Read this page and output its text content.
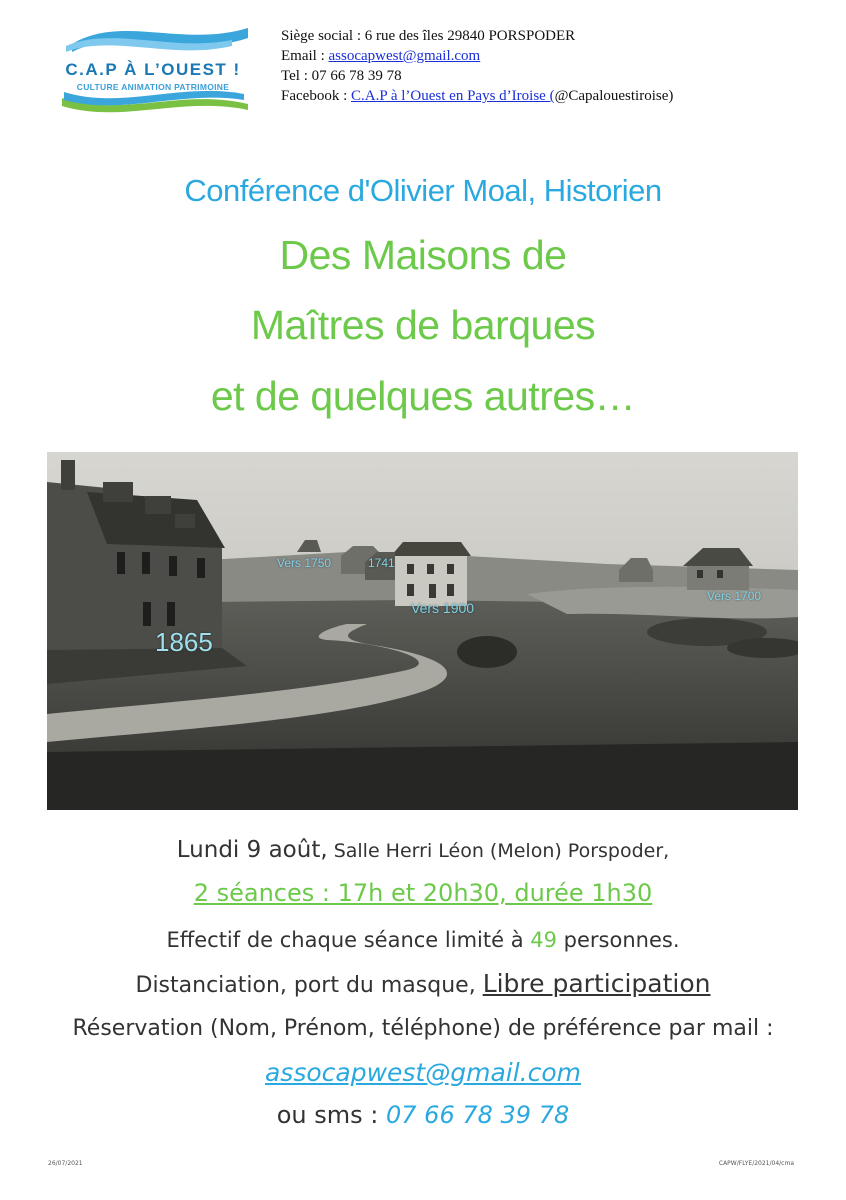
C.A.P À L’OUEST !
CULTURE ANIMATION PATRIMOINE
Siège social : 6 rue des îles 29840 PORSPODER
Email : assocapwest@gmail.com
Tel : 07 66 78 39 78
Facebook : C.A.P à l’Ouest en Pays d’Iroise (@Capalouestiroise)
Conférence d'Olivier Moal, Historien
Des Maisons de
Maîtres de barques
et de quelques autres…
1865
Vers 1750	1741
Vers 1900
Vers 1700
Lundi 9 août, Salle Herri Léon (Melon) Porspoder,
2 séances : 17h et 20h30, durée 1h30
Effectif de chaque séance limité à 49 personnes.
Distanciation, port du masque, Libre participation
Réservation (Nom, Prénom, téléphone) de préférence par mail :
assocapwest@gmail.com
ou sms : 07 66 78 39 78
26/07/2021	CAPW/FLYE/2021/04/cma
